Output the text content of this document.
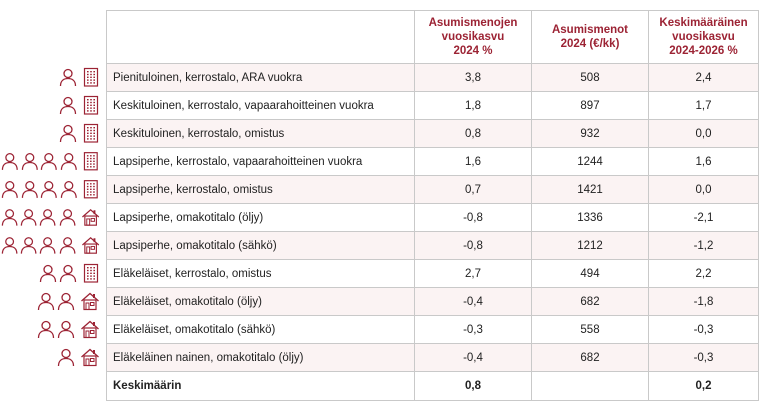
	Asumismenojen
vuosikasvu
2024 %	Asumismenot
2024 (€/kk)	Keskimääräinen
vuosikasvu
2024-2026 %

Pienituloinen, kerrostalo, ARA vuokra	3,8	508	2,4
Keskituloinen, kerrostalo, vapaarahoitteinen vuokra	1,8	897	1,7
Keskituloinen, kerrostalo, omistus	0,8	932	0,0
Lapsiperhe, kerrostalo, vapaarahoitteinen vuokra	1,6	1244	1,6
Lapsiperhe, kerrostalo, omistus	0,7	1421	0,0
Lapsiperhe, omakotitalo (öljy)	-0,8	1336	-2,1
Lapsiperhe, omakotitalo (sähkö)	-0,8	1212	-1,2
Eläkeläiset, kerrostalo, omistus	2,7	494	2,2
Eläkeläiset, omakotitalo (öljy)	-0,4	682	-1,8
Eläkeläiset, omakotitalo (sähkö)	-0,3	558	-0,3
Eläkeläinen nainen, omakotitalo (öljy)	-0,4	682	-0,3
Keskimäärin	0,8		0,2
